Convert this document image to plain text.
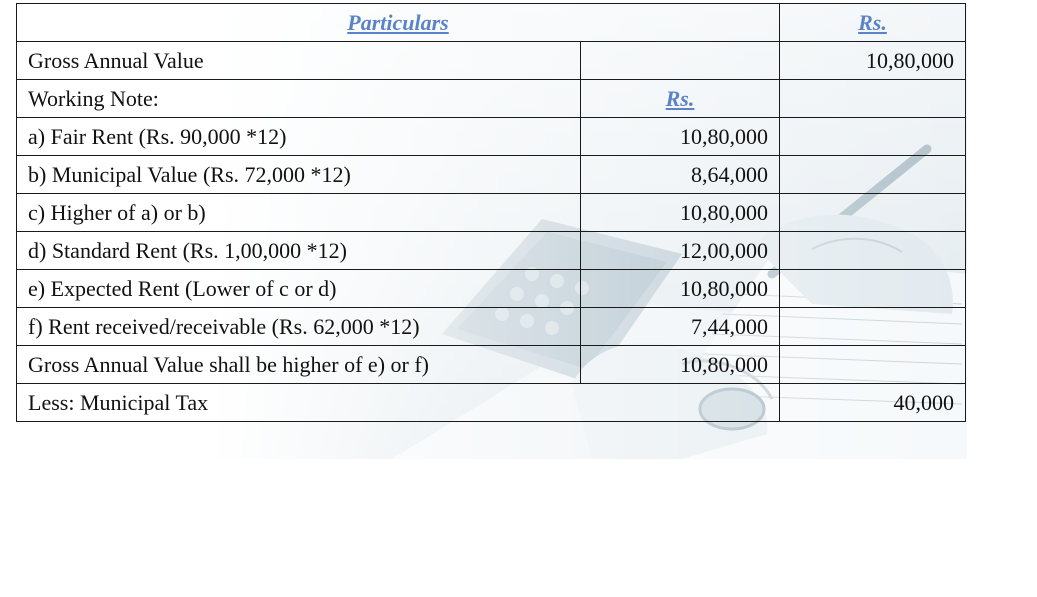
Particulars		Rs.
Gross Annual Value		10,80,000
Working Note:	Rs.	
a) Fair Rent (Rs. 90,000 *12)	10,80,000	
b) Municipal Value (Rs. 72,000 *12)	8,64,000	
c) Higher of a) or b)	10,80,000	
d) Standard Rent (Rs. 1,00,000 *12)	12,00,000	
e) Expected Rent (Lower of c or d)	10,80,000	
f) Rent received/receivable (Rs. 62,000 *12)	7,44,000	
Gross Annual Value shall be higher of e) or f)	10,80,000	
Less: Municipal Tax		40,000
